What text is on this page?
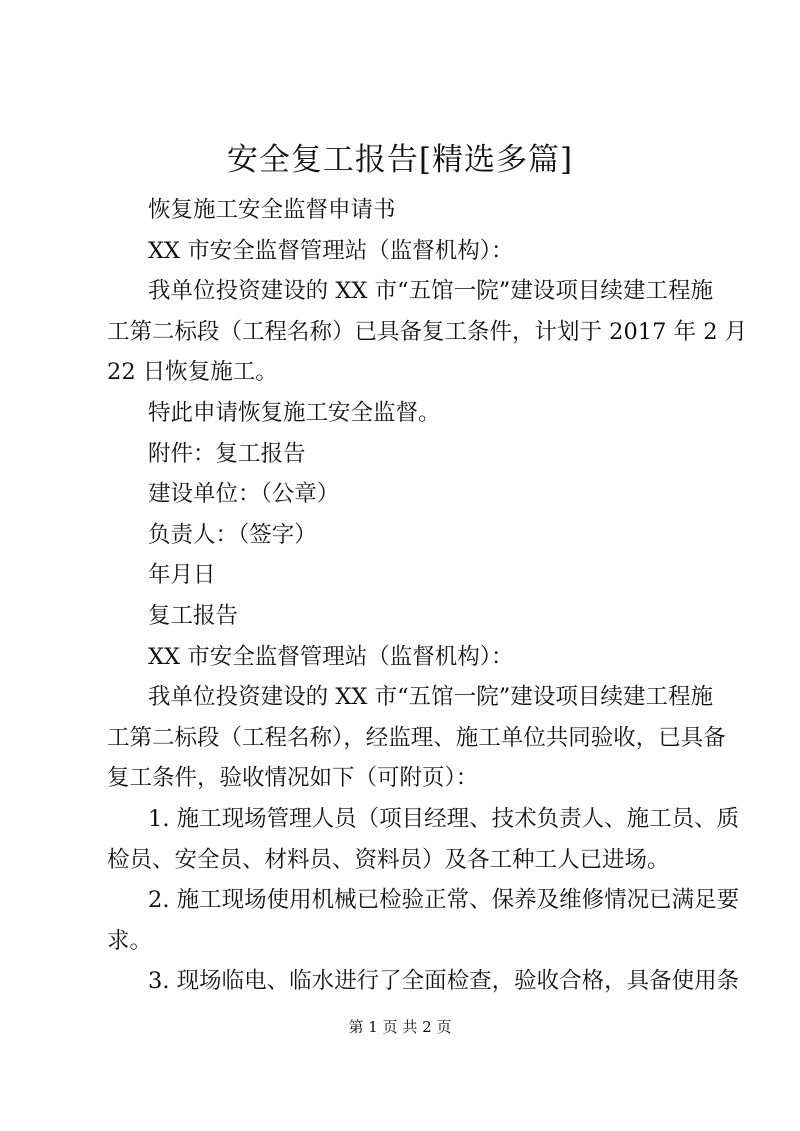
安全复工报告[精选多篇]
恢复施工安全监督申请书
XX 市安全监督管理站（监督机构）：
我单位投资建设的 XX 市“五馆一院”建设项目续建工程施
工第二标段（工程名称）已具备复工条件，计划于 2017 年 2 月
22 日恢复施工。
特此申请恢复施工安全监督。
附件：复工报告
建设单位：（公章）
负责人：（签字）
年月日
复工报告
XX 市安全监督管理站（监督机构）：
我单位投资建设的 XX 市“五馆一院”建设项目续建工程施
工第二标段（工程名称），经监理、施工单位共同验收，已具备
复工条件，验收情况如下（可附页）：
1. 施工现场管理人员（项目经理、技术负责人、施工员、质
检员、安全员、材料员、资料员）及各工种工人已进场。
2. 施工现场使用机械已检验正常、保养及维修情况已满足要
求。
3. 现场临电、临水进行了全面检查，验收合格，具备使用条
第 1 页 共 2 页
